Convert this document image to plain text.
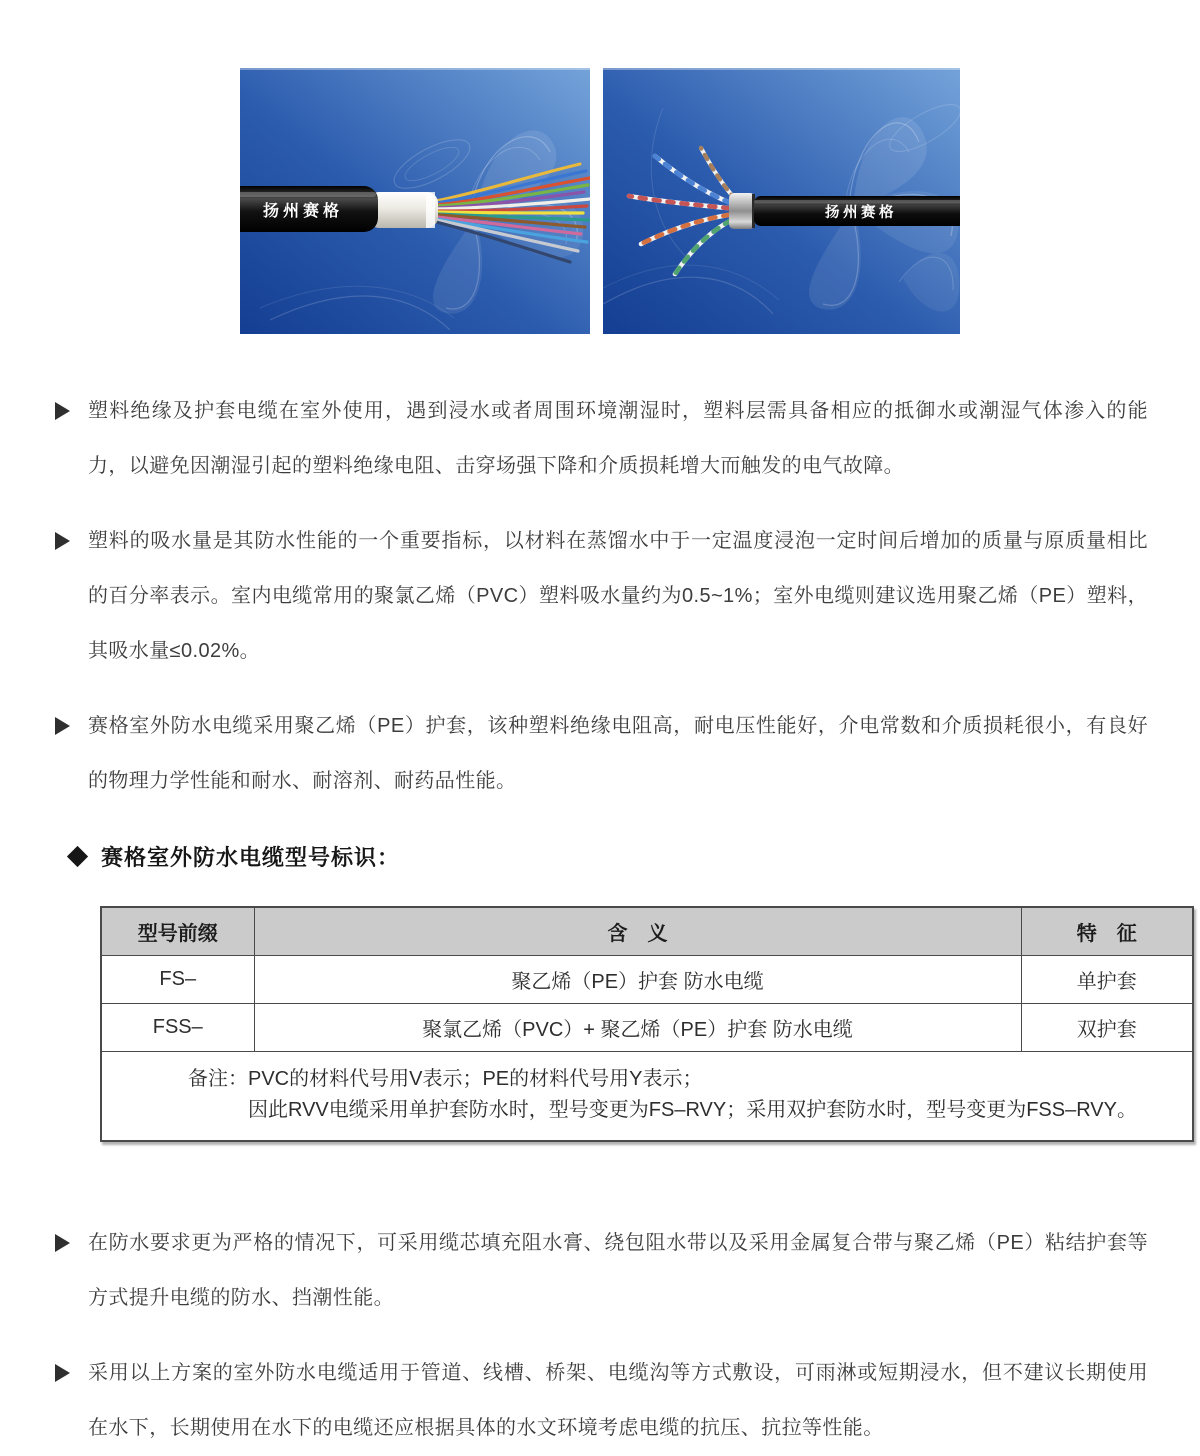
扬州赛格	扬州赛格

塑料绝缘及护套电缆在室外使用，遇到浸水或者周围环境潮湿时，塑料层需具备相应的抵御水或潮湿气体渗入的能力，以避免因潮湿引起的塑料绝缘电阻、击穿场强下降和介质损耗增大而触发的电气故障。

塑料的吸水量是其防水性能的一个重要指标，以材料在蒸馏水中于一定温度浸泡一定时间后增加的质量与原质量相比的百分率表示。室内电缆常用的聚氯乙烯（PVC）塑料吸水量约为0.5~1%；室外电缆则建议选用聚乙烯（PE）塑料，其吸水量≤0.02%。

赛格室外防水电缆采用聚乙烯（PE）护套，该种塑料绝缘电阻高，耐电压性能好，介电常数和介质损耗很小，有良好的物理力学性能和耐水、耐溶剂、耐药品性能。

赛格室外防水电缆型号标识：
型号前缀	含　义	特　征
FS–	聚乙烯（PE）护套 防水电缆	单护套
FSS–	聚氯乙烯（PVC）+ 聚乙烯（PE）护套 防水电缆	双护套

备注：PVC的材料代号用V表示；PE的材料代号用Y表示；
因此RVV电缆采用单护套防水时，型号变更为FS–RVY；采用双护套防水时，型号变更为FSS–RVY。		

在防水要求更为严格的情况下，可采用缆芯填充阻水膏、绕包阻水带以及采用金属复合带与聚乙烯（PE）粘结护套等方式提升电缆的防水、挡潮性能。

采用以上方案的室外防水电缆适用于管道、线槽、桥架、电缆沟等方式敷设，可雨淋或短期浸水，但不建议长期使用在水下，长期使用在水下的电缆还应根据具体的水文环境考虑电缆的抗压、抗拉等性能。
